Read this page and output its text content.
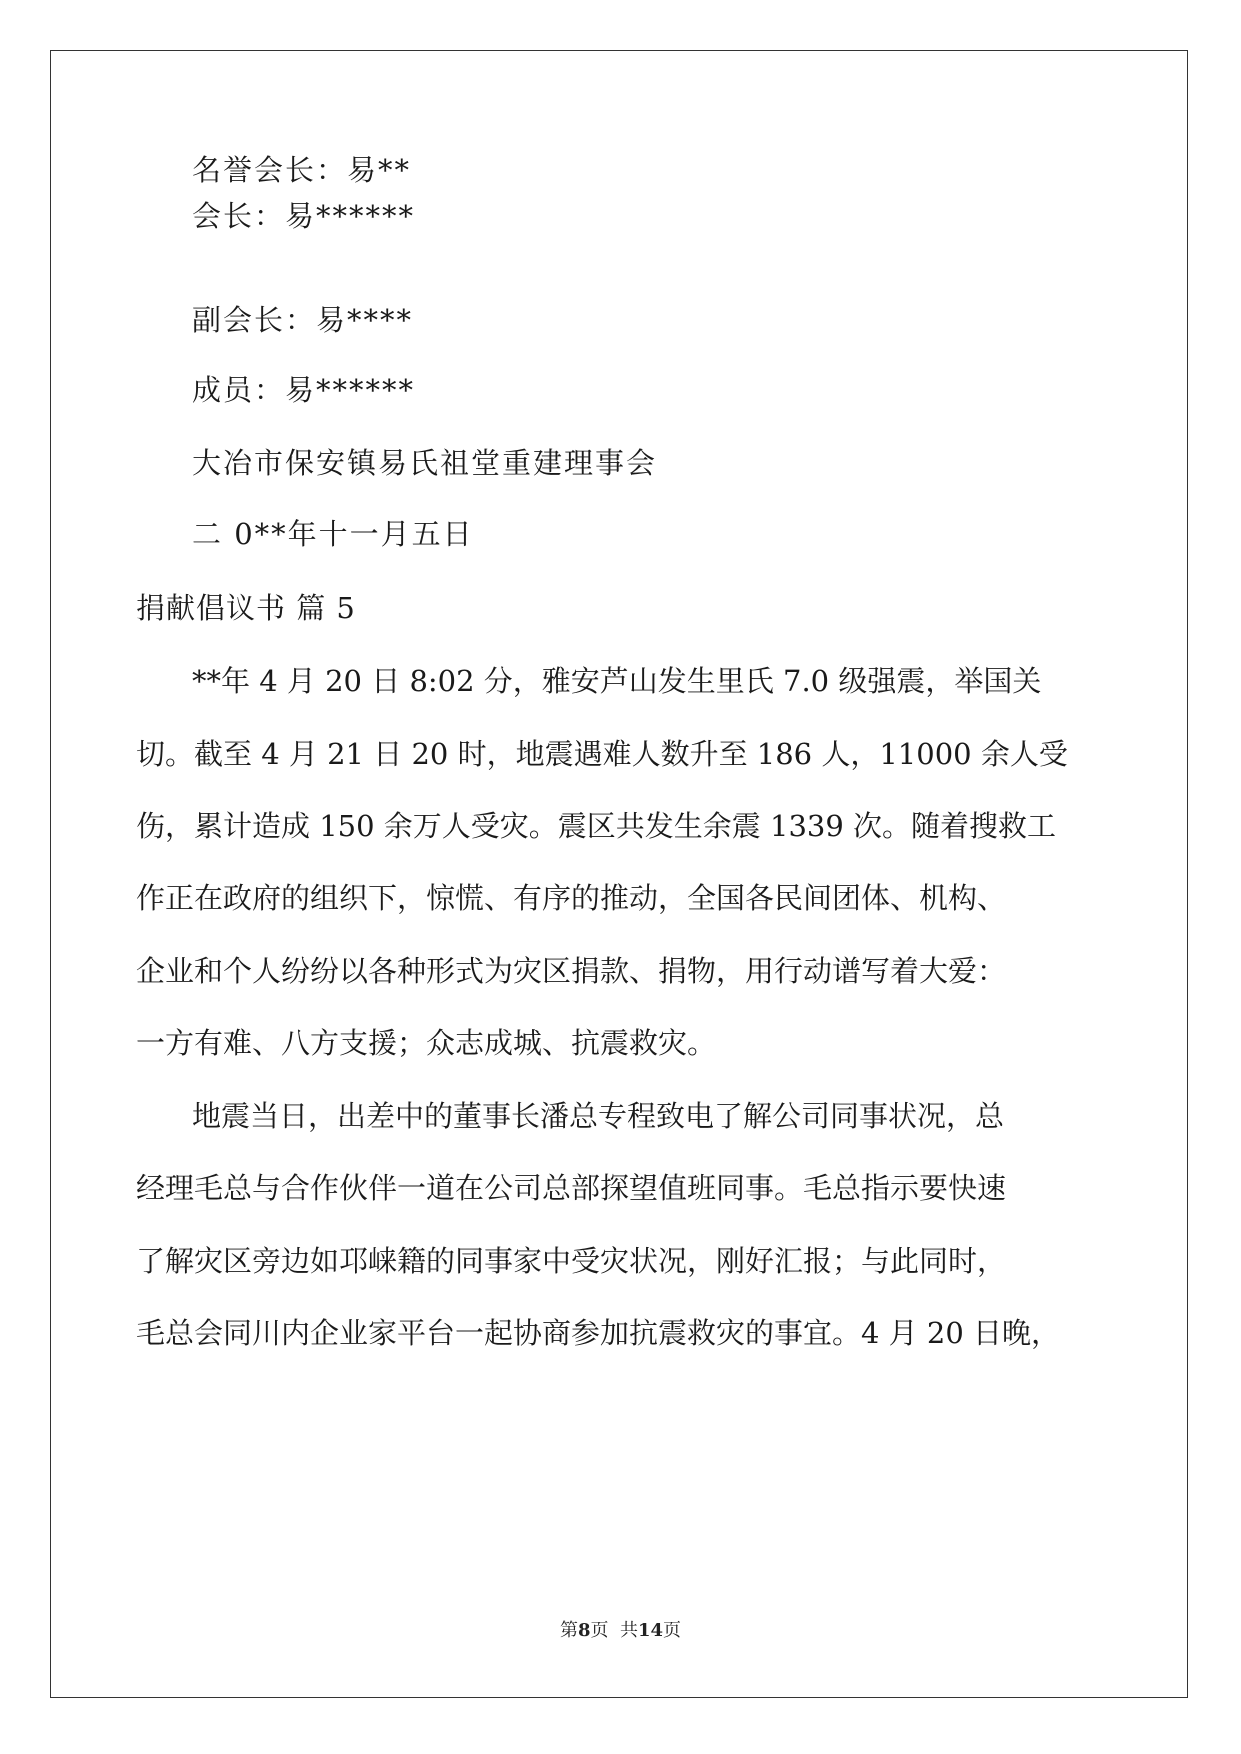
名誉会长：易**
会长：易******
副会长：易****
成员：易******
大冶市保安镇易氏祖堂重建理事会
二 0**年十一月五日
捐献倡议书 篇 5
**年 4 月 20 日 8:02 分，雅安芦山发生里氏 7.0 级强震，举国关
切。截至 4 月 21 日 20 时，地震遇难人数升至 186 人，11000 余人受
伤，累计造成 150 余万人受灾。震区共发生余震 1339 次。随着搜救工
作正在政府的组织下，惊慌、有序的推动，全国各民间团体、机构、
企业和个人纷纷以各种形式为灾区捐款、捐物，用行动谱写着大爱：
一方有难、八方支援；众志成城、抗震救灾。
地震当日，出差中的董事长潘总专程致电了解公司同事状况，总
经理毛总与合作伙伴一道在公司总部探望值班同事。毛总指示要快速
了解灾区旁边如邛崃籍的同事家中受灾状况，刚好汇报；与此同时，
毛总会同川内企业家平台一起协商参加抗震救灾的事宜。4 月 20 日晚，
第8页  共14页
